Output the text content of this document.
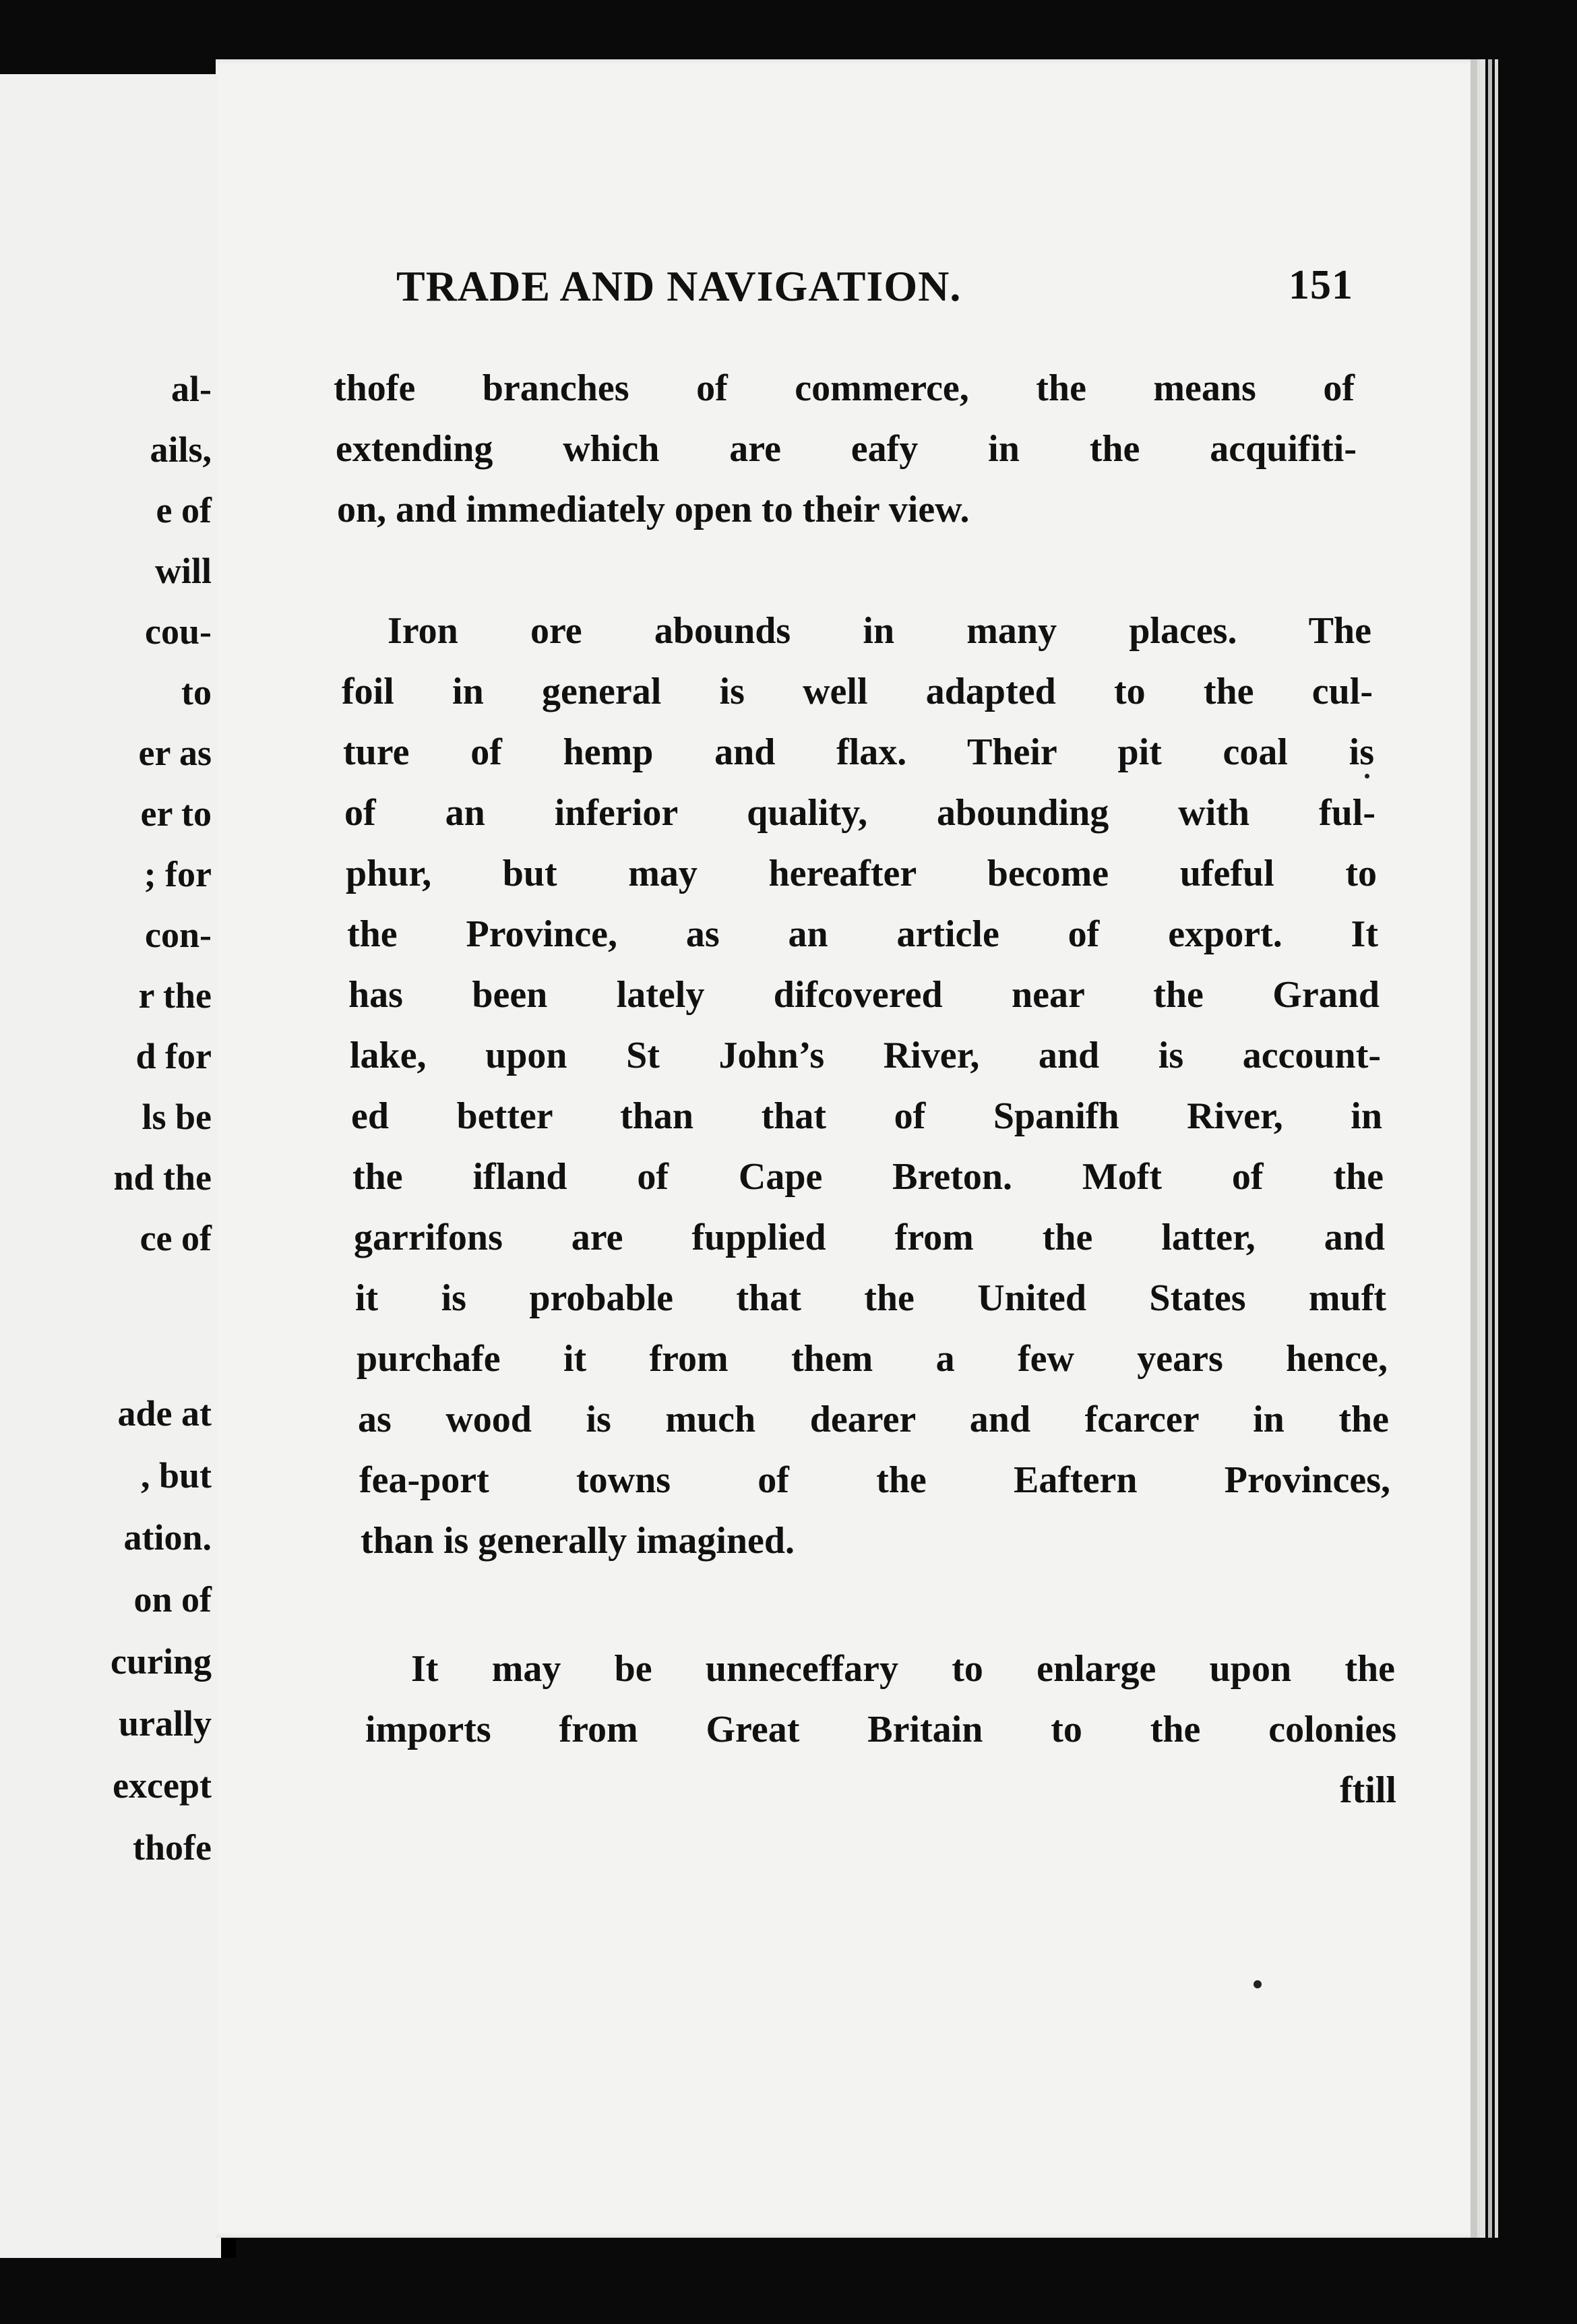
al-
ails,
e of
will
cou-
to
er as
er to
; for
con-
r the
d for
ls be
nd the
ce of
ade at
, but
ation.
on of
curing
urally
except
thofe
TRADE AND NAVIGATION.	151
thofe branches of commerce, the means of
extending which are eafy in the acquifiti-
on, and immediately open to their view.
Iron ore abounds in many places. The
foil in general is well adapted to the cul-
ture of hemp and flax. Their pit coal is
of an inferior quality, abounding with ful-
phur, but may hereafter become ufeful to
the Province, as an article of export. It
has been lately difcovered near the Grand
lake, upon St John’s River, and is account-
ed better than that of Spanifh River, in
the ifland of Cape Breton. Moft of the
garrifons are fupplied from the latter, and
it is probable that the United States muft
purchafe it from them a few years hence,
as wood is much dearer and fcarcer in the
fea-port towns of the Eaftern Provinces,
than is generally imagined.
It may be unneceffary to enlarge upon the
imports from Great Britain to the colonies
ftill
